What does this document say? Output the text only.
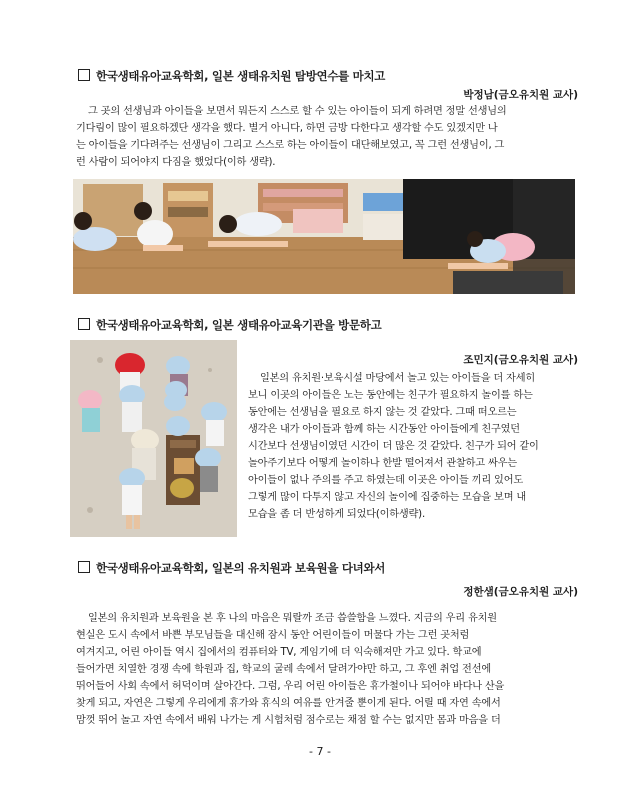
한국생태유아교육학회, 일본 생태유치원 탐방연수를 마치고
박정남(금오유치원 교사)
그 곳의 선생님과 아이들을 보면서 뭐든지 스스로 할 수 있는 아이들이 되게 하려면 정말 선생님의
기다림이 많이 필요하겠단 생각을 했다. 별거 아니다, 하면 금방 다한다고 생각할 수도 있겠지만 나
는 아이들을 기다려주는 선생님이 그리고 스스로 하는 아이들이 대단해보였고, 꼭 그런 선생님이, 그
런 사람이 되어야지 다짐을 했었다(이하 생략).
한국생태유아교육학회, 일본 생태유아교육기관을 방문하고
조민지(금오유치원 교사)
일본의 유치원·보육시설 마당에서 놀고 있는 아이들을 더 자세히
보니 이곳의 아이들은 노는 동안에는 친구가 필요하지 놀이를 하는
동안에는 선생님을 필요로 하지 않는 것 같았다. 그때 떠오르는
생각은 내가 아이들과 함께 하는 시간동안 아이들에게 친구였던
시간보다 선생님이였던 시간이 더 많은 것 같았다. 친구가 되어 같이
놀아주기보다 어떻게 놀이하나 한발 떨어져서 관찰하고 싸우는
아이들이 없나 주의를 주고 하였는데 이곳은 아이들 끼리 있어도
그렇게 많이 다투지 않고 자신의 놀이에 집중하는 모습을 보며 내
모습을 좀 더 반성하게 되었다(이하생략).
한국생태유아교육학회, 일본의 유치원과 보육원을 다녀와서
정한샘(금오유치원 교사)
일본의 유치원과 보육원을 본 후 나의 마음은 뭐랄까 조금 씁쓸함을 느꼈다. 지금의 우리 유치원
현실은 도시 속에서 바쁜 부모님들을 대신해 잠시 동안 어린이들이 머물다 가는 그런 곳처럼
여겨지고, 어린 아이들 역시 집에서의 컴퓨터와 TV, 게임기에 더 익숙해져만 가고 있다. 학교에
들어가면 치열한 경쟁 속에 학원과 집, 학교의 굴레 속에서 달려가야만 하고, 그 후엔 취업 전선에
뛰어들어 사회 속에서 허덕이며 살아간다. 그럼, 우리 어린 아이들은 휴가철이나 되어야 바다나 산을
찾게 되고, 자연은 그렇게 우리에게 휴가와 휴식의 여유를 안겨줄 뿐이게 된다. 어릴 때 자연 속에서
맘껏 뛰어 놀고 자연 속에서 배워 나가는 게 시험처럼 점수로는 채점 할 수는 없지만 몸과 마음을 더
- 7 -
